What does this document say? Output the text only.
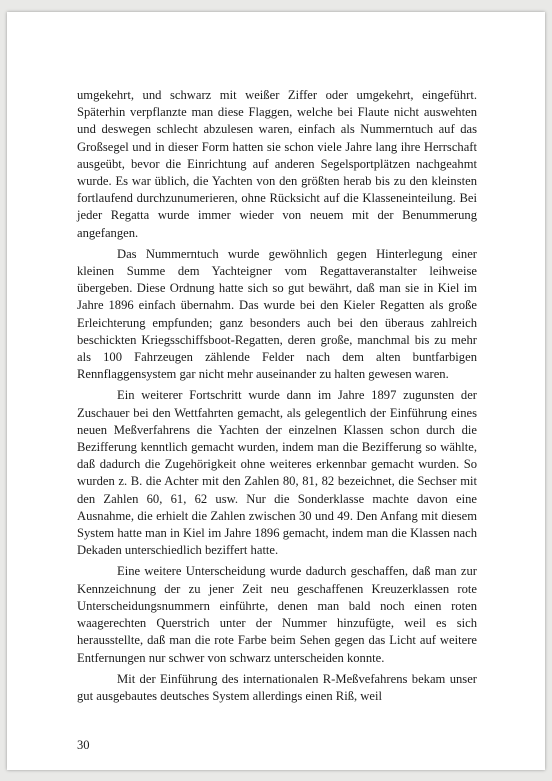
umgekehrt, und schwarz mit weißer Ziffer oder umgekehrt, eingeführt. Späterhin verpflanzte man diese Flaggen, welche bei Flaute nicht auswehten und deswegen schlecht abzulesen waren, einfach als Nummerntuch auf das Großsegel und in dieser Form hatten sie schon viele Jahre lang ihre Herrschaft ausgeübt, bevor die Einrichtung auf anderen Segelsportplätzen nachgeahmt wurde. Es war üblich, die Yachten von den größten herab bis zu den kleinsten fortlaufend durchzunumerieren, ohne Rücksicht auf die Klasseneinteilung. Bei jeder Regatta wurde immer wieder von neuem mit der Benummerung angefangen.

Das Nummerntuch wurde gewöhnlich gegen Hinterlegung einer kleinen Summe dem Yachteigner vom Regattaveranstalter leihweise übergeben. Diese Ordnung hatte sich so gut bewährt, daß man sie in Kiel im Jahre 1896 einfach übernahm. Das wurde bei den Kieler Regatten als große Erleichterung empfunden; ganz besonders auch bei den überaus zahlreich beschickten Kriegsschiffsboot-Regatten, deren große, manchmal bis zu mehr als 100 Fahrzeugen zählende Felder nach dem alten buntfarbigen Rennflaggensystem gar nicht mehr auseinander zu halten gewesen waren.

Ein weiterer Fortschritt wurde dann im Jahre 1897 zugunsten der Zuschauer bei den Wettfahrten gemacht, als gelegentlich der Einführung eines neuen Meßverfahrens die Yachten der einzelnen Klassen schon durch die Bezifferung kenntlich gemacht wurden, indem man die Bezifferung so wählte, daß dadurch die Zugehörigkeit ohne weiteres erkennbar gemacht wurden. So wurden z. B. die Achter mit den Zahlen 80, 81, 82 bezeichnet, die Sechser mit den Zahlen 60, 61, 62 usw. Nur die Sonderklasse machte davon eine Ausnahme, die erhielt die Zahlen zwischen 30 und 49. Den Anfang mit diesem System hatte man in Kiel im Jahre 1896 gemacht, indem man die Klassen nach Dekaden unterschiedlich beziffert hatte.

Eine weitere Unterscheidung wurde dadurch geschaffen, daß man zur Kennzeichnung der zu jener Zeit neu geschaffenen Kreuzerklassen rote Unterscheidungsnummern einführte, denen man bald noch einen roten waagerechten Querstrich unter der Nummer hinzufügte, weil es sich herausstellte, daß man die rote Farbe beim Sehen gegen das Licht auf weitere Entfernungen nur schwer von schwarz unterscheiden konnte.

Mit der Einführung des internationalen R-Meßvefahrens bekam unser gut ausgebautes deutsches System allerdings einen Riß, weil

30
